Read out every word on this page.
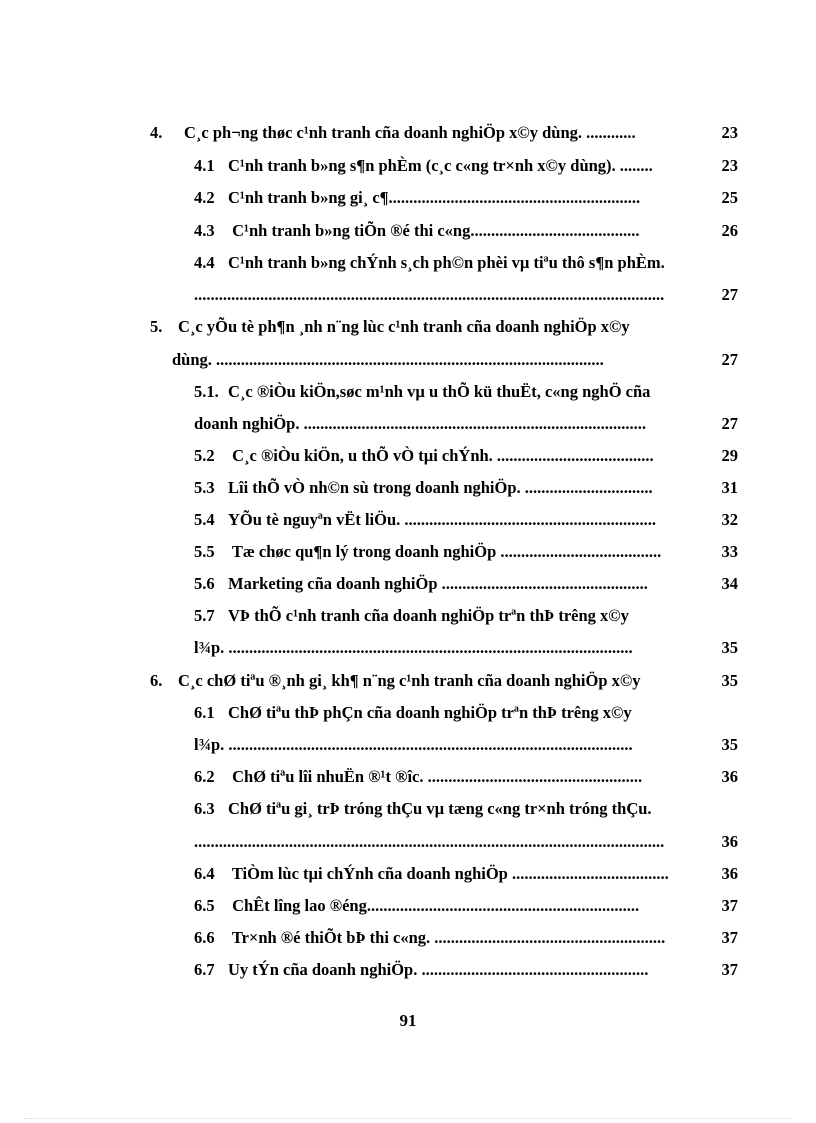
4. C¸c ph¬ng thøc c¹nh tranh cña doanh nghiÖp x©y dùng. ............	23
4.1 C¹nh tranh b»ng s¶n phÈm (c¸c c«ng tr×nh x©y dùng). ........	23
4.2 C¹nh tranh b»ng gi¸ c¶.............................................................	25
4.3 C¹nh tranh b»ng tiÕn ®é thi c«ng.........................................	26
4.4 C¹nh tranh b»ng chÝnh s¸ch ph©n phèi vµ tiªu thô s¶n phÈm.
..................................................................................................................	27
5. C¸c yÕu tè ph¶n ¸nh n¨ng lùc c¹nh tranh cña doanh nghiÖp x©y
dùng. ..............................................................................................	27
5.1. C¸c ®iÒu kiÖn,søc m¹nh vµ u thÕ kü thuËt, c«ng nghÖ cña
doanh nghiÖp. ...................................................................................	27
5.2 C¸c ®iÒu kiÖn, u thÕ vÒ tµi chÝnh. ......................................	29
5.3 Lîi thÕ vÒ nh©n sù trong doanh nghiÖp. ...............................	31
5.4 YÕu tè nguyªn vËt liÖu. .............................................................	32
5.5 Tæ chøc qu¶n lý trong doanh nghiÖp .......................................	33
5.6 Marketing cña doanh nghiÖp ..................................................	34
5.7 VÞ thÕ c¹nh tranh cña doanh nghiÖp trªn thÞ trêng x©y
l¾p. ..................................................................................................	35
6. C¸c chØ tiªu ®¸nh gi¸ kh¶ n¨ng c¹nh tranh cña doanh nghiÖp x©y	35
6.1 ChØ tiªu thÞ phÇn cña doanh nghiÖp trªn thÞ trêng x©y
l¾p. ..................................................................................................	35
6.2 ChØ tiªu lîi nhuËn ®¹t ®îc. ....................................................	36
6.3 ChØ tiªu gi¸ trÞ tróng thÇu vµ tæng c«ng tr×nh tróng thÇu.
..................................................................................................................	36
6.4 TiÒm lùc tµi chÝnh cña doanh nghiÖp ......................................	36
6.5 ChÊt lîng lao ®éng..................................................................	37
6.6 Tr×nh ®é thiÕt bÞ thi c«ng. ........................................................	37
6.7 Uy tÝn cña doanh nghiÖp. .......................................................	37
91
